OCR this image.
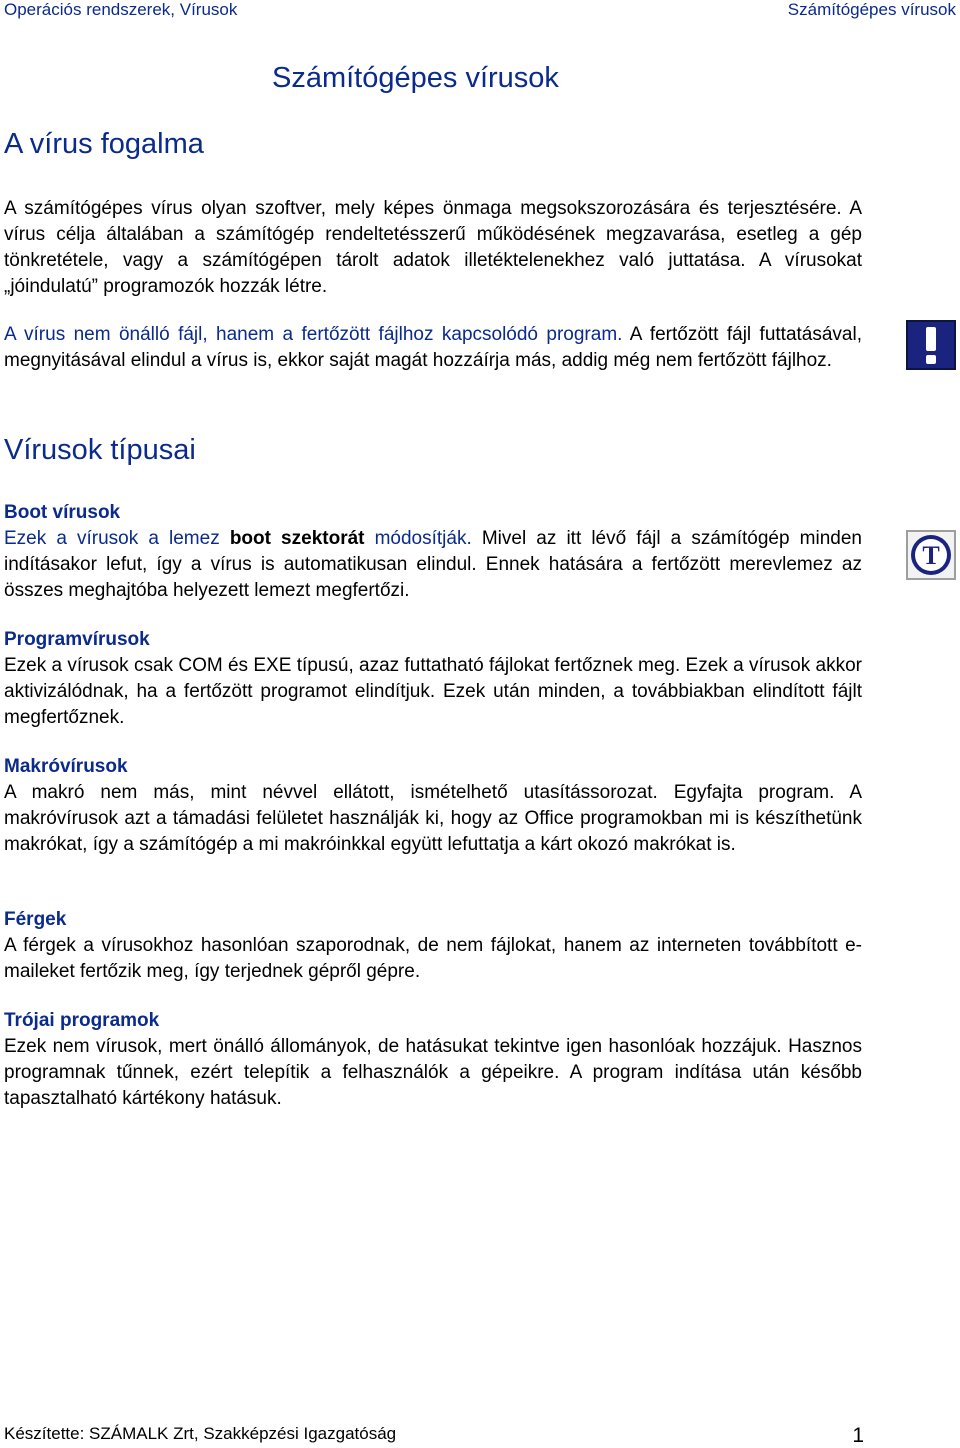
Operációs rendszerek, Vírusok	Számítógépes vírusok
Számítógépes vírusok
A vírus fogalma

A számítógépes vírus olyan szoftver, mely képes önmaga megsokszorozására és terjesztésére. A vírus célja általában a számítógép rendeltetésszerű működésének megzavarása, esetleg a gép tönkretétele, vagy a számítógépen tárolt adatok illetéktelenekhez való juttatása. A vírusokat „jóindulatú” programozók hozzák létre.

A vírus nem önálló fájl, hanem a fertőzött fájlhoz kapcsolódó program. A fertőzött fájl futtatásával, megnyitásával elindul a vírus is, ekkor saját magát hozzáírja más, addig még nem fertőzött fájlhoz.

Vírusok típusai
Boot vírusok

Ezek a vírusok a lemez boot szektorát módosítják. Mivel az itt lévő fájl a számítógép minden indításakor lefut, így a vírus is automatikusan elindul. Ennek hatására a fertőzött merevlemez az összes meghajtóba helyezett lemezt megfertőzi.

T
Programvírusok

Ezek a vírusok csak COM és EXE típusú, azaz futtatható fájlokat fertőznek meg. Ezek a vírusok akkor aktivizálódnak, ha a fertőzött programot elindítjuk. Ezek után minden, a továbbiakban elindított fájlt megfertőznek.

Makróvírusok

A makró nem más, mint névvel ellátott, ismételhető utasítássorozat. Egyfajta program. A makróvírusok azt a támadási felületet használják ki, hogy az Office programokban mi is készíthetünk makrókat, így a számítógép a mi makróinkkal együtt lefuttatja a kárt okozó makrókat is.

Férgek

A férgek a vírusokhoz hasonlóan szaporodnak, de nem fájlokat, hanem az interneten továbbított e-maileket fertőzik meg, így terjednek gépről gépre.

Trójai programok

Ezek nem vírusok, mert önálló állományok, de hatásukat tekintve igen hasonlóak hozzájuk. Hasznos programnak tűnnek, ezért telepítik a felhasználók a gépeikre. A program indítása után később tapasztalható kártékony hatásuk.

Készítette: SZÁMALK Zrt, Szakképzési Igazgatóság	1
